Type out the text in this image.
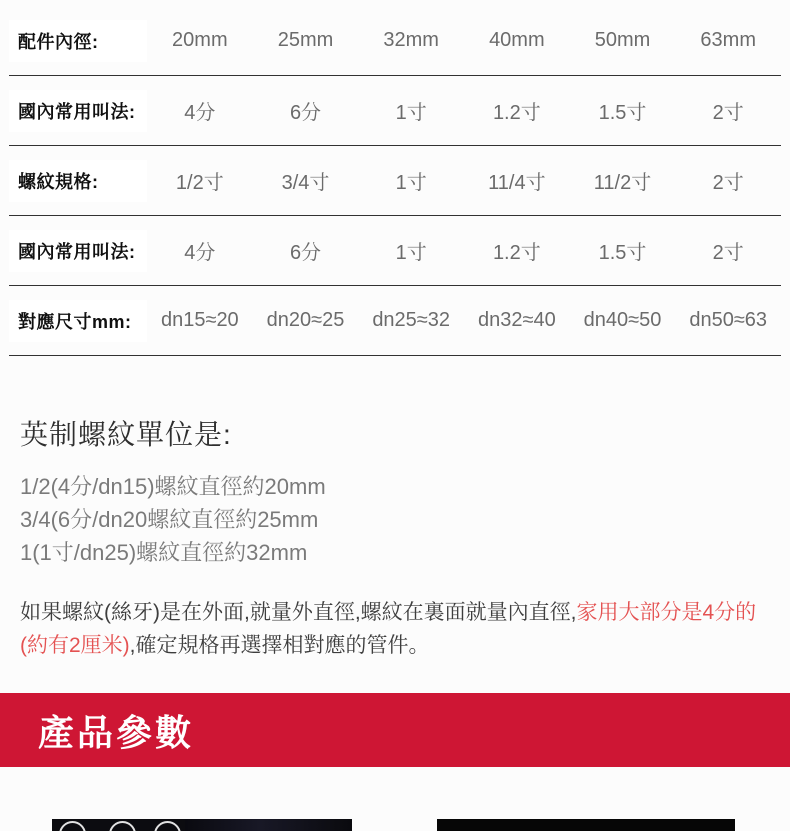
配件內徑:	20mm	25mm	32mm	40mm	50mm	63mm
國內常用叫法:	4分	6分	1寸	1.2寸	1.5寸	2寸
螺紋規格:	1/2寸	3/4寸	1寸	11/4寸	11/2寸	2寸
國內常用叫法:	4分	6分	1寸	1.2寸	1.5寸	2寸
對應尺寸mm:	dn15≈20	dn20≈25	dn25≈32	dn32≈40	dn40≈50	dn50≈63
英制螺紋單位是:
1/2(4分/dn15)螺紋直徑約20mm
3/4(6分/dn20螺紋直徑約25mm
1(1寸/dn25)螺紋直徑約32mm

如果螺紋(絲牙)是在外面,就量外直徑,螺紋在裏面就量內直徑,家用大部分是4分的(約有2厘米),確定規格再選擇相對應的管件。

產品參數
